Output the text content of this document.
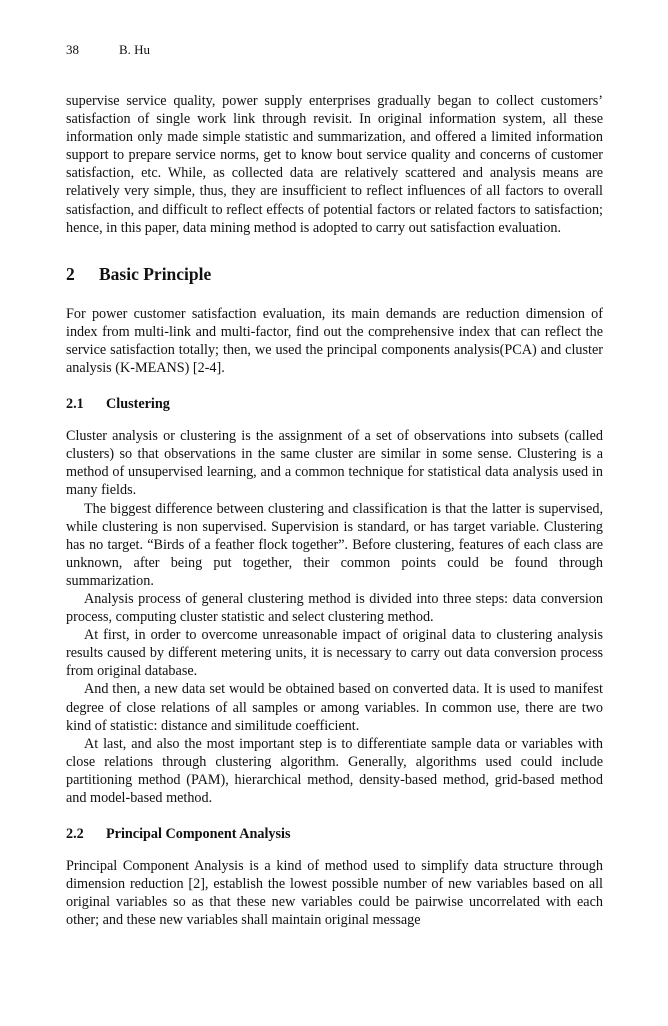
38	B. Hu

supervise service quality, power supply enterprises gradually began to collect customers’ satisfaction of single work link through revisit. In original information system, all these information only made simple statistic and summarization, and offered a limited information support to prepare service norms, get to know bout service quality and concerns of customer satisfaction, etc. While, as collected data are relatively scattered and analysis means are relatively very simple, thus, they are insufficient to reflect influences of all factors to overall satisfaction, and difficult to reflect effects of potential factors or related factors to satisfaction; hence, in this paper, data mining method is adopted to carry out satisfaction evaluation.

2 Basic Principle

For power customer satisfaction evaluation, its main demands are reduction dimension of index from multi-link and multi-factor, find out the comprehensive index that can reflect the service satisfaction totally; then, we used the principal components analysis(PCA) and cluster analysis (K-MEANS) [2-4].

2.1 Clustering

Cluster analysis or clustering is the assignment of a set of observations into subsets (called clusters) so that observations in the same cluster are similar in some sense. Clustering is a method of unsupervised learning, and a common technique for statistical data analysis used in many fields.

The biggest difference between clustering and classification is that the latter is supervised, while clustering is non supervised. Supervision is standard, or has target variable. Clustering has no target. “Birds of a feather flock together”. Before clustering, features of each class are unknown, after being put together, their common points could be found through summarization.

Analysis process of general clustering method is divided into three steps: data conversion process, computing cluster statistic and select clustering method.

At first, in order to overcome unreasonable impact of original data to clustering analysis results caused by different metering units, it is necessary to carry out data conversion process from original database.

And then, a new data set would be obtained based on converted data. It is used to manifest degree of close relations of all samples or among variables. In common use, there are two kind of statistic: distance and similitude coefficient.

At last, and also the most important step is to differentiate sample data or variables with close relations through clustering algorithm. Generally, algorithms used could include partitioning method (PAM), hierarchical method, density-based method, grid-based method and model-based method.

2.2 Principal Component Analysis

Principal Component Analysis is a kind of method used to simplify data structure through dimension reduction [2], establish the lowest possible number of new variables based on all original variables so as that these new variables could be pairwise uncorrelated with each other; and these new variables shall maintain original message
